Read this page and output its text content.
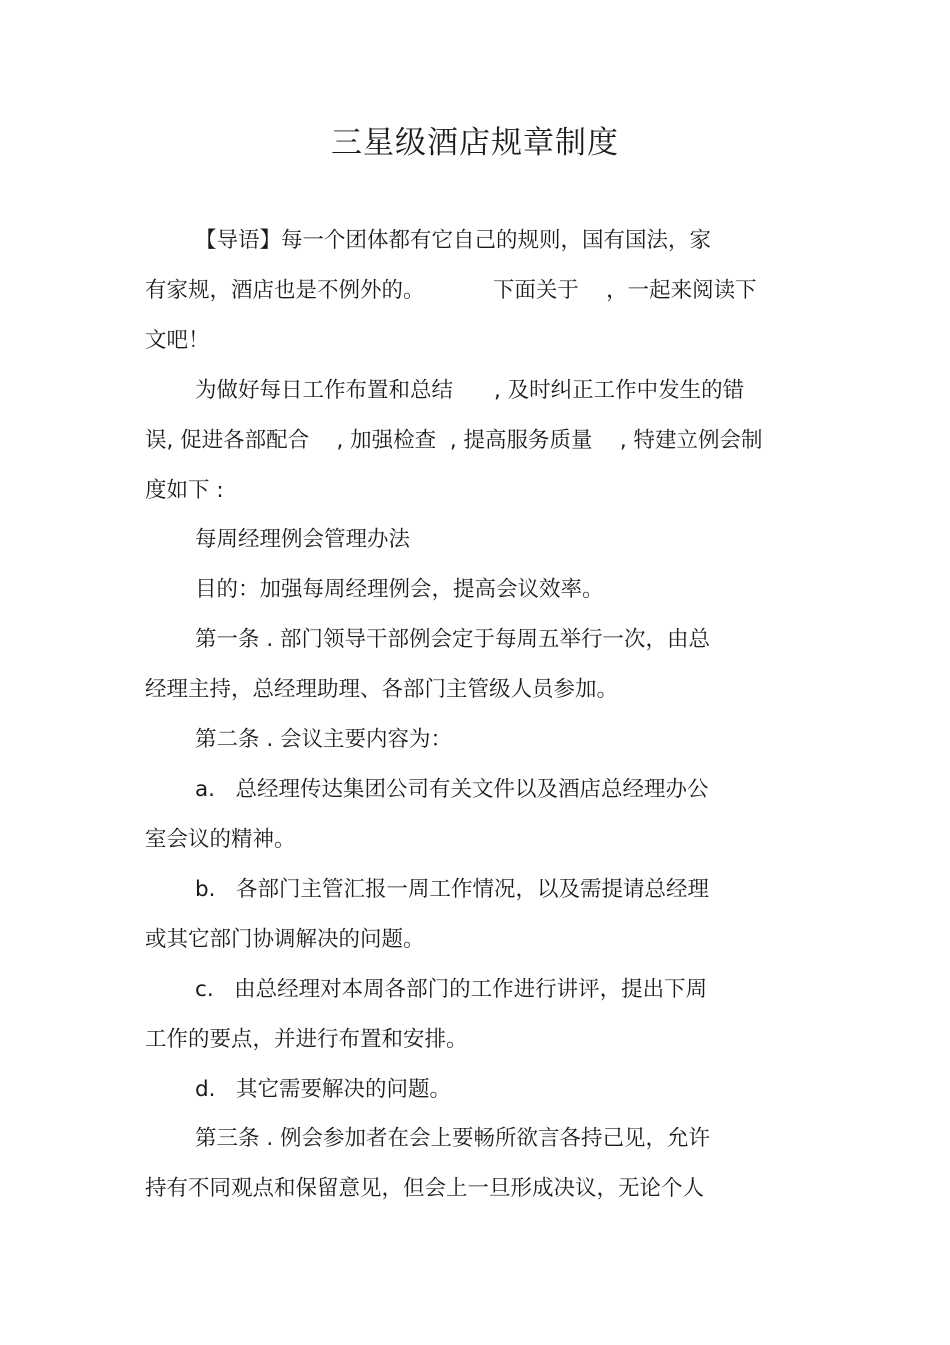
三星级酒店规章制度
【导语】每一个团体都有它自己的规则，国有国法，家
有家规，酒店也是不例外的。          下面关于    ，一起来阅读下
文吧！
为做好每日工作布置和总结      , 及时纠正工作中发生的错
误, 促进各部配合    , 加强检查  , 提高服务质量    , 特建立例会制
度如下 :
每周经理例会管理办法
目的：加强每周经理例会，提高会议效率。
第一条 . 部门领导干部例会定于每周五举行一次，由总
经理主持，总经理助理、各部门主管级人员参加。
第二条 . 会议主要内容为：
a.   总经理传达集团公司有关文件以及酒店总经理办公
室会议的精神。
b.   各部门主管汇报一周工作情况，以及需提请总经理
或其它部门协调解决的问题。
c.   由总经理对本周各部门的工作进行讲评，提出下周
工作的要点，并进行布置和安排。
d.   其它需要解决的问题。
第三条 . 例会参加者在会上要畅所欲言各持己见，允许
持有不同观点和保留意见，但会上一旦形成决议，无论个人
